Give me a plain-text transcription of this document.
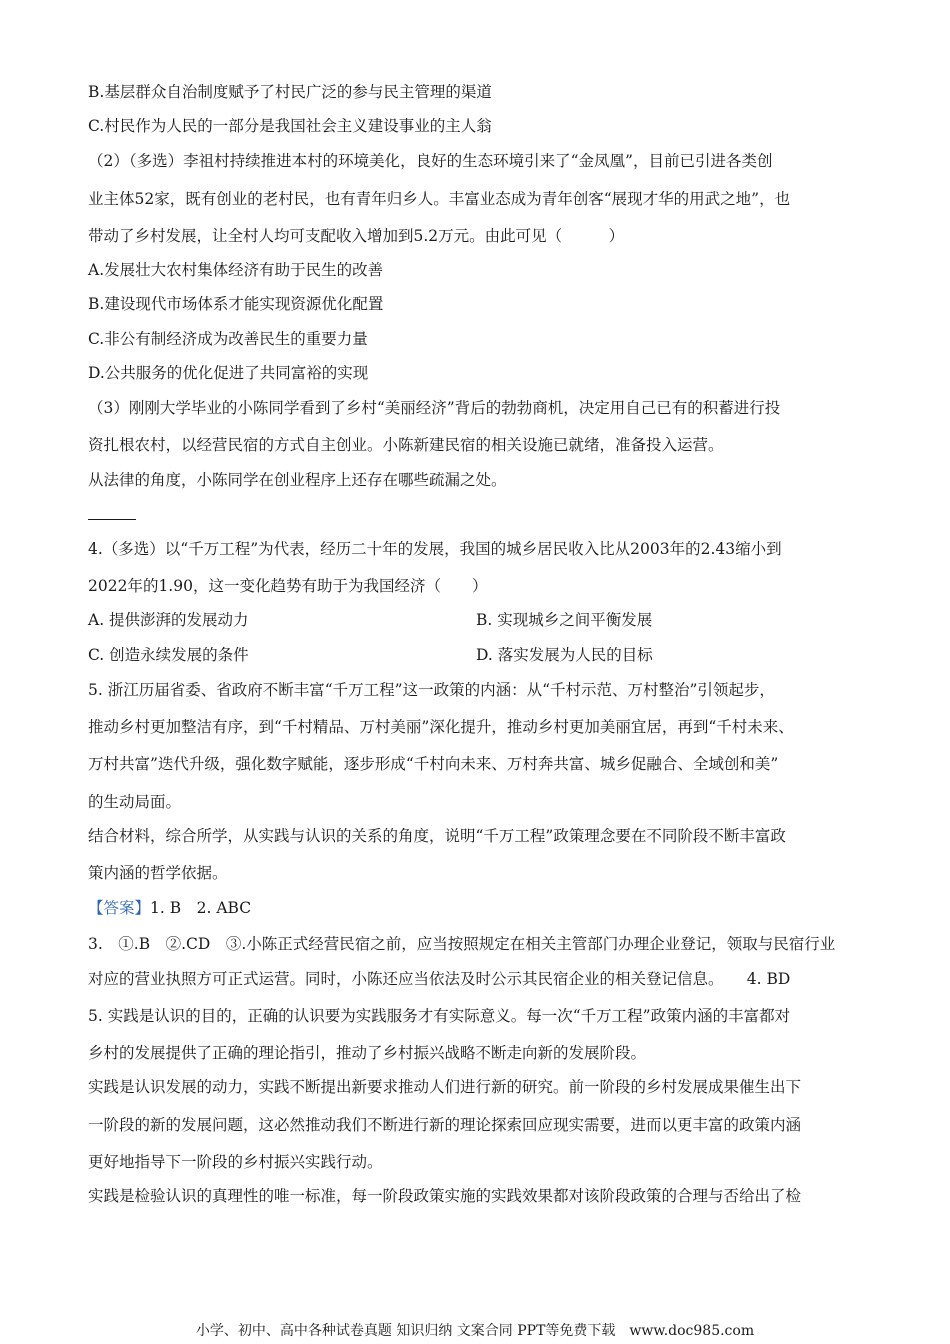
B.基层群众自治制度赋予了村民广泛的参与民主管理的渠道
C.村民作为人民的一部分是我国社会主义建设事业的主人翁
（2）（多选）李祖村持续推进本村的环境美化，良好的生态环境引来了“金凤凰”，目前已引进各类创
业主体52家，既有创业的老村民，也有青年归乡人。丰富业态成为青年创客“展现才华的用武之地”，也
带动了乡村发展，让全村人均可支配收入增加到5.2万元。由此可见（　　　）
A.发展壮大农村集体经济有助于民生的改善
B.建设现代市场体系才能实现资源优化配置
C.非公有制经济成为改善民生的重要力量
D.公共服务的优化促进了共同富裕的实现
（3）刚刚大学毕业的小陈同学看到了乡村“美丽经济”背后的勃勃商机，决定用自己已有的积蓄进行投
资扎根农村，以经营民宿的方式自主创业。小陈新建民宿的相关设施已就绪，准备投入运营。
从法律的角度，小陈同学在创业程序上还存在哪些疏漏之处。
4.（多选）以“千万工程”为代表，经历二十年的发展，我国的城乡居民收入比从2003年的2.43缩小到
2022年的1.90，这一变化趋势有助于为我国经济（　　）
A. 提供澎湃的发展动力	B. 实现城乡之间平衡发展
C. 创造永续发展的条件	D. 落实发展为人民的目标
5. 浙江历届省委、省政府不断丰富“千万工程”这一政策的内涵：从“千村示范、万村整治”引领起步，
推动乡村更加整洁有序，到“千村精品、万村美丽”深化提升，推动乡村更加美丽宜居，再到“千村未来、
万村共富”迭代升级，强化数字赋能，逐步形成“千村向未来、万村奔共富、城乡促融合、全域创和美”
的生动局面。
结合材料，综合所学，从实践与认识的关系的角度，说明“千万工程”政策理念要在不同阶段不断丰富政
策内涵的哲学依据。
【答案】1. B　2. ABC
3.　①.B　②.CD　③.小陈正式经营民宿之前，应当按照规定在相关主管部门办理企业登记，领取与民宿行业
对应的营业执照方可正式运营。同时，小陈还应当依法及时公示其民宿企业的相关登记信息。　　4. BD
5. 实践是认识的目的，正确的认识要为实践服务才有实际意义。每一次“千万工程”政策内涵的丰富都对
乡村的发展提供了正确的理论指引，推动了乡村振兴战略不断走向新的发展阶段。
实践是认识发展的动力，实践不断提出新要求推动人们进行新的研究。前一阶段的乡村发展成果催生出下
一阶段的新的发展问题，这必然推动我们不断进行新的理论探索回应现实需要，进而以更丰富的政策内涵
更好地指导下一阶段的乡村振兴实践行动。
实践是检验认识的真理性的唯一标准，每一阶段政策实施的实践效果都对该阶段政策的合理与否给出了检
小学、初中、高中各种试卷真题 知识归纳 文案合同 PPT等免费下载　www.doc985.com
